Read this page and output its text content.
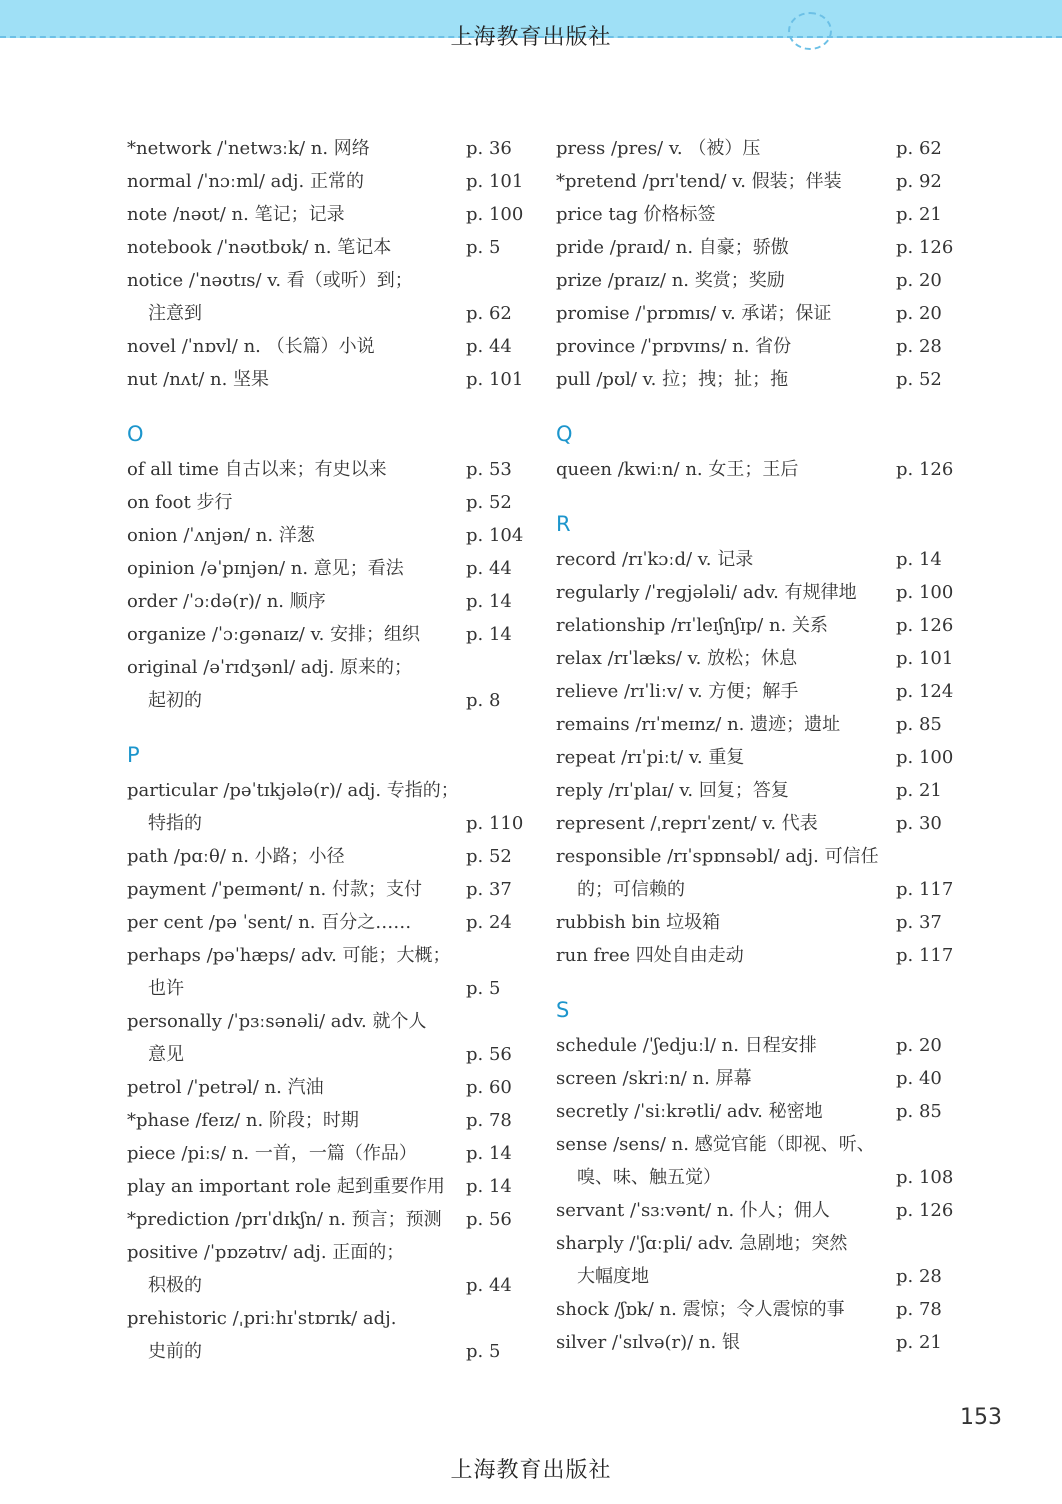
上海教育出版社
*network /ˈnetwɜːk/ n. 网络	p. 36
normal /ˈnɔːml/ adj. 正常的	p. 101
note /nəʊt/ n. 笔记；记录	p. 100
notebook /ˈnəʊtbʊk/ n. 笔记本	p. 5
notice /ˈnəʊtɪs/ v. 看（或听）到；
注意到	p. 62
novel /ˈnɒvl/ n. （长篇）小说	p. 44
nut /nʌt/ n. 坚果	p. 101
O
of all time 自古以来；有史以来	p. 53
on foot 步行	p. 52
onion /ˈʌnjən/ n. 洋葱	p. 104
opinion /əˈpɪnjən/ n. 意见；看法	p. 44
order /ˈɔːdə(r)/ n. 顺序	p. 14
organize /ˈɔːɡənaɪz/ v. 安排；组织	p. 14
original /əˈrɪdʒənl/ adj. 原来的；
起初的	p. 8
P
particular /pəˈtɪkjələ(r)/ adj. 专指的；
特指的	p. 110
path /pɑːθ/ n. 小路；小径	p. 52
payment /ˈpeɪmənt/ n. 付款；支付 p. 37
per cent /pə ˈsent/ n. 百分之……	p. 24
perhaps /pəˈhæps/ adv. 可能；大概；
也许	p. 5
personally /ˈpɜːsənəli/ adv. 就个人
意见	p. 56
petrol /ˈpetrəl/ n. 汽油	p. 60
*phase /feɪz/ n. 阶段；时期	p. 78
piece /piːs/ n. 一首，一篇（作品）	p. 14
play an important role 起到重要作用 p. 14
*prediction /prɪˈdɪkʃn/ n. 预言；预测 p. 56
positive /ˈpɒzətɪv/ adj. 正面的；
积极的	p. 44
prehistoric /ˌpriːhɪˈstɒrɪk/ adj.
史前的	p. 5
press /pres/ v. （被）压	p. 62
*pretend /prɪˈtend/ v. 假装；伴装	p. 92
price tag 价格标签	p. 21
pride /praɪd/ n. 自豪；骄傲	p. 126
prize /praɪz/ n. 奖赏；奖励	p. 20
promise /ˈprɒmɪs/ v. 承诺；保证	p. 20
province /ˈprɒvɪns/ n. 省份	p. 28
pull /pʊl/ v. 拉；拽；扯；拖	p. 52
Q
queen /kwiːn/ n. 女王；王后	p. 126
R
record /rɪˈkɔːd/ v. 记录	p. 14
regularly /ˈreɡjələli/ adv. 有规律地 p. 100
relationship /rɪˈleɪʃnʃɪp/ n. 关系	p. 126
relax /rɪˈlæks/ v. 放松；休息	p. 101
relieve /rɪˈliːv/ v. 方便；解手	p. 124
remains /rɪˈmeɪnz/ n. 遗迹；遗址	p. 85
repeat /rɪˈpiːt/ v. 重复	p. 100
reply /rɪˈplaɪ/ v. 回复；答复	p. 21
represent /ˌreprɪˈzent/ v. 代表	p. 30
responsible /rɪˈspɒnsəbl/ adj. 可信任
的；可信赖的	p. 117
rubbish bin 垃圾箱	p. 37
run free 四处自由走动	p. 117
S
schedule /ˈʃedjuːl/ n. 日程安排	p. 20
screen /skriːn/ n. 屏幕	p. 40
secretly /ˈsiːkrətli/ adv. 秘密地	p. 85
sense /sens/ n. 感觉官能（即视、听、
嗅、味、触五觉）	p. 108
servant /ˈsɜːvənt/ n. 仆人；佣人	p. 126
sharply /ˈʃɑːpli/ adv. 急剧地；突然
大幅度地	p. 28
shock /ʃɒk/ n. 震惊；令人震惊的事	p. 78
silver /ˈsɪlvə(r)/ n. 银	p. 21
153
上海教育出版社
